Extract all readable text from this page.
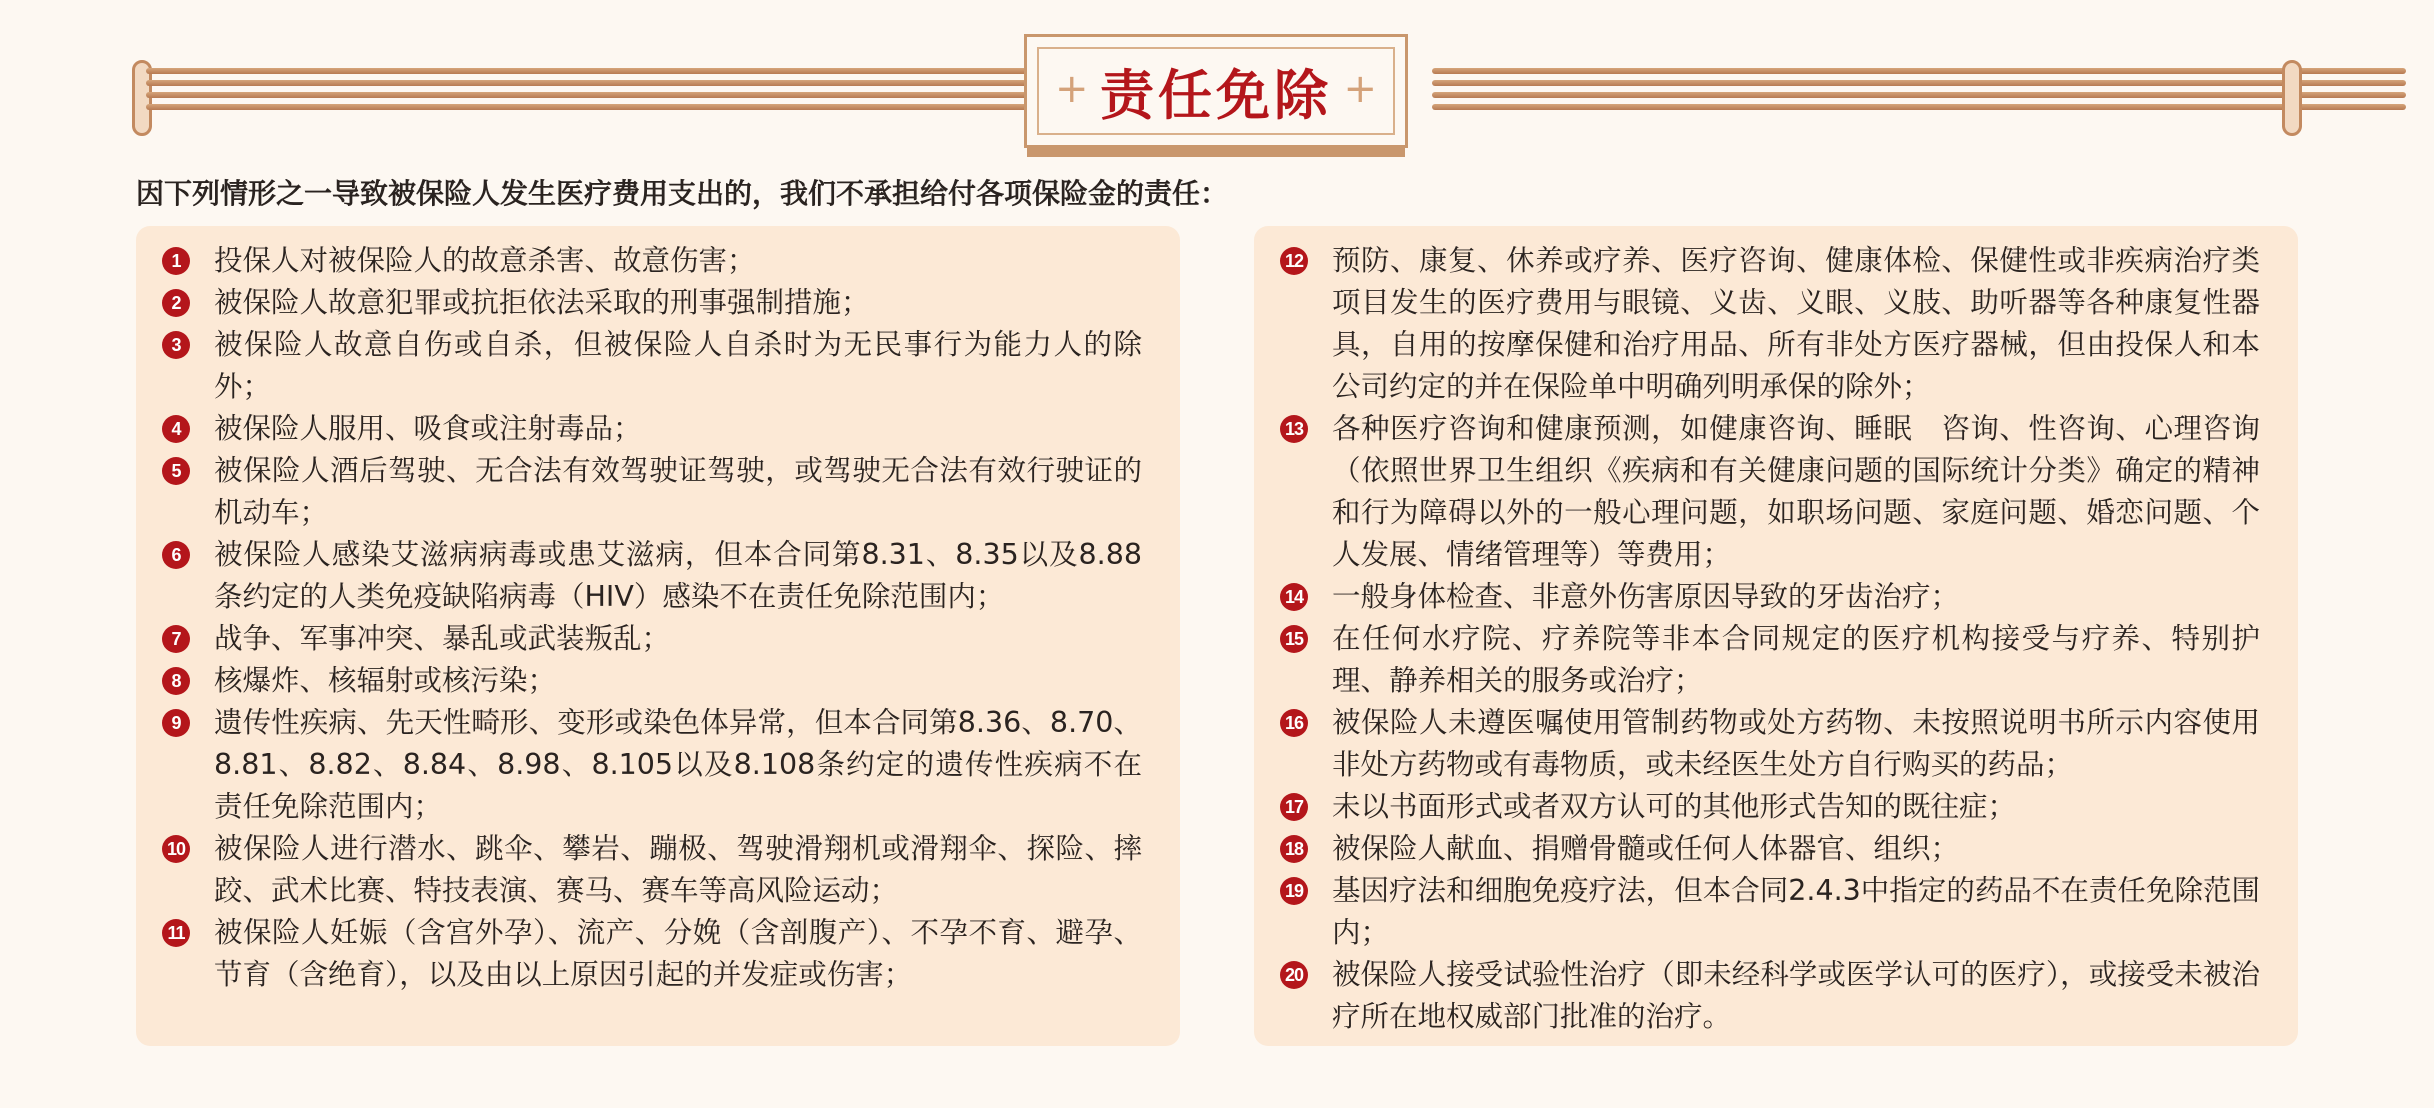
+ 责任免除 +
因下列情形之一导致被保险人发生医疗费用支出的，我们不承担给付各项保险金的责任：
1	投保人对被保险人的故意杀害、故意伤害；
2	被保险人故意犯罪或抗拒依法采取的刑事强制措施；
3	被保险人故意自伤或自杀，但被保险人自杀时为无民事行为能力人的除外；
4	被保险人服用、吸食或注射毒品；
5	被保险人酒后驾驶、无合法有效驾驶证驾驶，或驾驶无合法有效行驶证的机动车；
6	被保险人感染艾滋病病毒或患艾滋病，但本合同第8.31、8.35以及8.88条约定的人类免疫缺陷病毒（HIV）感染不在责任免除范围内；
7	战争、军事冲突、暴乱或武装叛乱；
8	核爆炸、核辐射或核污染；
9	遗传性疾病、先天性畸形、变形或染色体异常，但本合同第8.36、8.70、8.81、8.82、8.84、8.98、8.105以及8.108条约定的遗传性疾病不在责任免除范围内；
10 被保险人进行潜水、跳伞、攀岩、蹦极、驾驶滑翔机或滑翔伞、探险、摔跤、武术比赛、特技表演、赛马、赛车等高风险运动；
11 被保险人妊娠（含宫外孕）、流产、分娩（含剖腹产）、不孕不育、避孕、节育（含绝育），以及由以上原因引起的并发症或伤害；
12 预防、康复、休养或疗养、医疗咨询、健康体检、保健性或非疾病治疗类项目发生的医疗费用与眼镜、义齿、义眼、义肢、助听器等各种康复性器具，自用的按摩保健和治疗用品、所有非处方医疗器械，但由投保人和本公司约定的并在保险单中明确列明承保的除外；
13 各种医疗咨询和健康预测，如健康咨询、睡眠　咨询、性咨询、心理咨询（依照世界卫生组织《疾病和有关健康问题的国际统计分类》确定的精神和行为障碍以外的一般心理问题，如职场问题、家庭问题、婚恋问题、个人发展、情绪管理等）等费用；
14 一般身体检查、非意外伤害原因导致的牙齿治疗；
15 在任何水疗院、疗养院等非本合同规定的医疗机构接受与疗养、特别护理、静养相关的服务或治疗；
16 被保险人未遵医嘱使用管制药物或处方药物、未按照说明书所示内容使用非处方药物或有毒物质，或未经医生处方自行购买的药品；
17 未以书面形式或者双方认可的其他形式告知的既往症；
18 被保险人献血、捐赠骨髓或任何人体器官、组织；
19 基因疗法和细胞免疫疗法，但本合同2.4.3中指定的药品不在责任免除范围内；
20 被保险人接受试验性治疗（即未经科学或医学认可的医疗），或接受未被治疗所在地权威部门批准的治疗。
